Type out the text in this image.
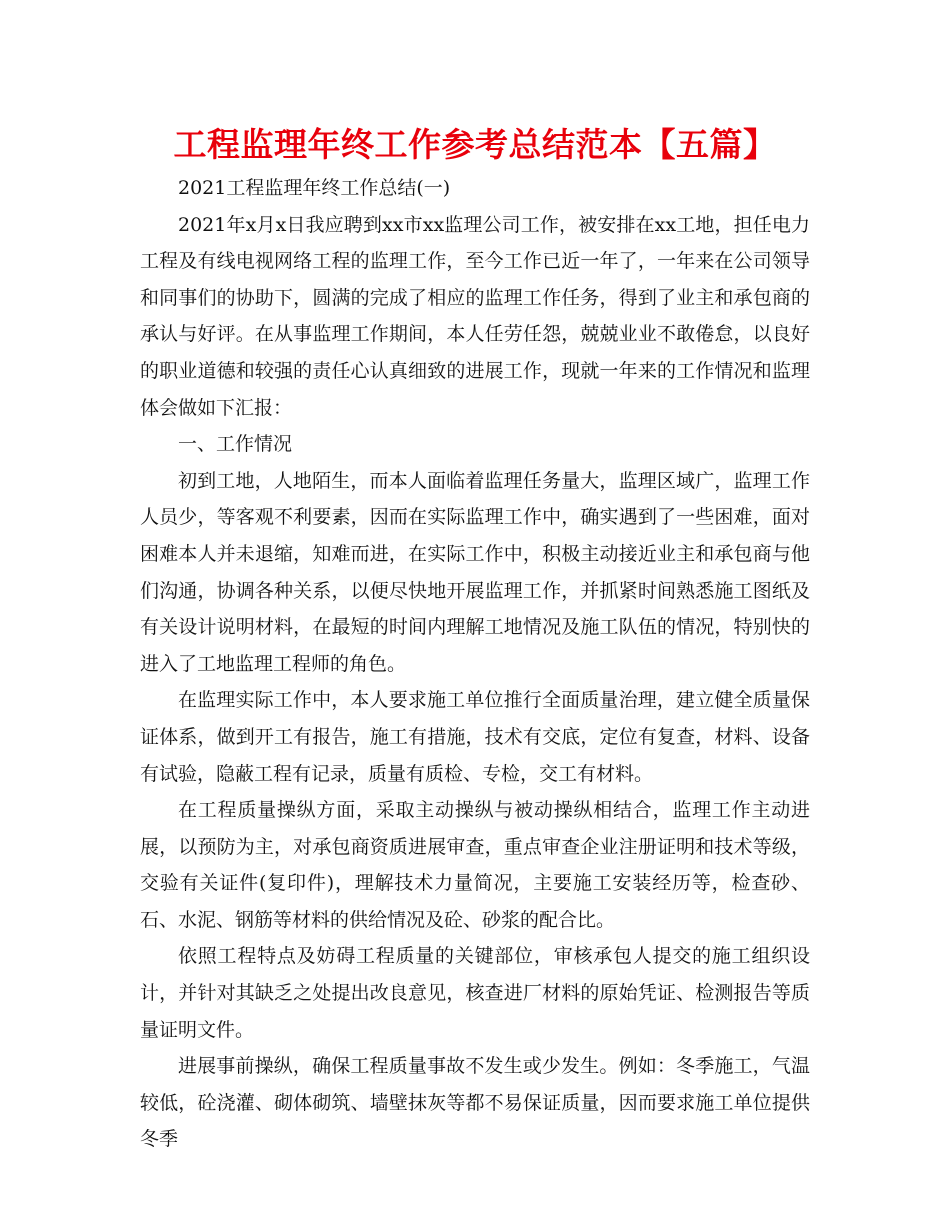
工程监理年终工作参考总结范本【五篇】

2021工程监理年终工作总结(一)

2021年x月x日我应聘到xx市xx监理公司工作，被安排在xx工地，担任电力工程及有线电视网络工程的监理工作，至今工作已近一年了，一年来在公司领导和同事们的协助下，圆满的完成了相应的监理工作任务，得到了业主和承包商的承认与好评。在从事监理工作期间，本人任劳任怨，兢兢业业不敢倦怠，以良好的职业道德和较强的责任心认真细致的进展工作，现就一年来的工作情况和监理体会做如下汇报：

一、工作情况

初到工地，人地陌生，而本人面临着监理任务量大，监理区域广，监理工作人员少，等客观不利要素，因而在实际监理工作中，确实遇到了一些困难，面对困难本人并未退缩，知难而进，在实际工作中，积极主动接近业主和承包商与他们沟通，协调各种关系，以便尽快地开展监理工作，并抓紧时间熟悉施工图纸及有关设计说明材料，在最短的时间内理解工地情况及施工队伍的情况，特别快的进入了工地监理工程师的角色。

在监理实际工作中，本人要求施工单位推行全面质量治理，建立健全质量保证体系，做到开工有报告，施工有措施，技术有交底，定位有复查，材料、设备有试验，隐蔽工程有记录，质量有质检、专检，交工有材料。

在工程质量操纵方面，采取主动操纵与被动操纵相结合，监理工作主动进展，以预防为主，对承包商资质进展审查，重点审查企业注册证明和技术等级，交验有关证件(复印件)，理解技术力量简况，主要施工安装经历等，检查砂、石、水泥、钢筋等材料的供给情况及砼、砂浆的配合比。

依照工程特点及妨碍工程质量的关键部位，审核承包人提交的施工组织设计，并针对其缺乏之处提出改良意见，核查进厂材料的原始凭证、检测报告等质量证明文件。

进展事前操纵，确保工程质量事故不发生或少发生。例如：冬季施工，气温较低，砼浇灌、砌体砌筑、墙壁抹灰等都不易保证质量，因而要求施工单位提供冬季
